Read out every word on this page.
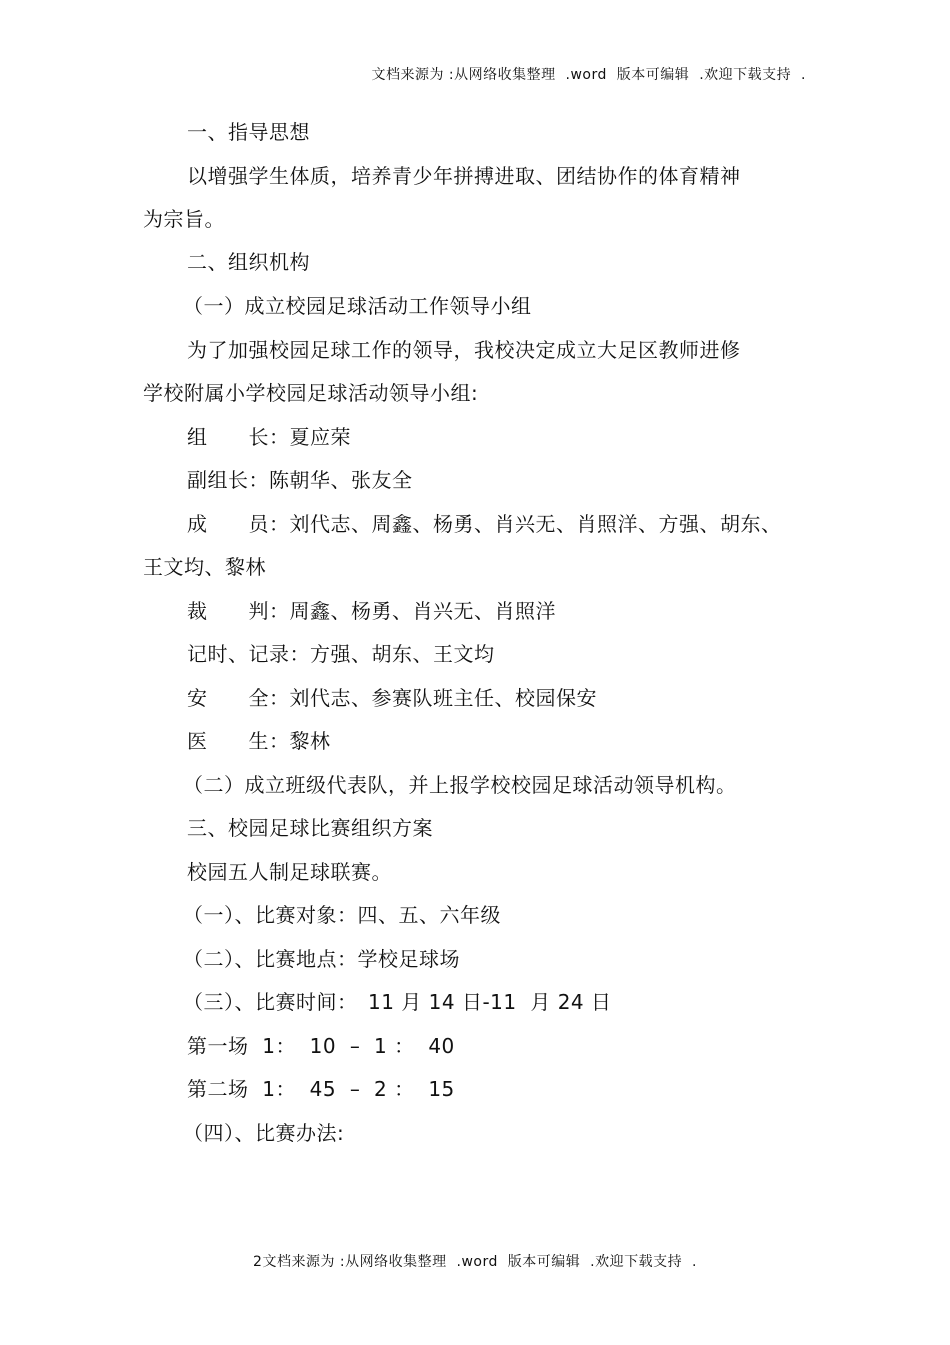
文档来源为 :从网络收集整理  .word  版本可编辑  .欢迎下载支持  .
一、指导思想
以增强学生体质，培养青少年拼搏进取、团结协作的体育精神
为宗旨。
二、组织机构
（一）成立校园足球活动工作领导小组
为了加强校园足球工作的领导，我校决定成立大足区教师进修
学校附属小学校园足球活动领导小组:
组　　长：夏应荣
副组长：陈朝华、张友全
成　　员：刘代志、周鑫、杨勇、肖兴无、肖照洋、方强、胡东、
王文均、黎林
裁　　判：周鑫、杨勇、肖兴无、肖照洋
记时、记录：方强、胡东、王文均
安　　全：刘代志、参赛队班主任、校园保安
医　　生：黎林
（二）成立班级代表队，并上报学校校园足球活动领导机构。
三、校园足球比赛组织方案
校园五人制足球联赛。
（一）、比赛对象：四、五、六年级
（二）、比赛地点：学校足球场
（三）、比赛时间：　11 月 14 日-11  月 24 日
第一场  1：  10  –  1 ：  40
第二场  1：  45  –  2 ：  15
（四）、比赛办法:
2文档来源为 :从网络收集整理  .word  版本可编辑  .欢迎下载支持  .
